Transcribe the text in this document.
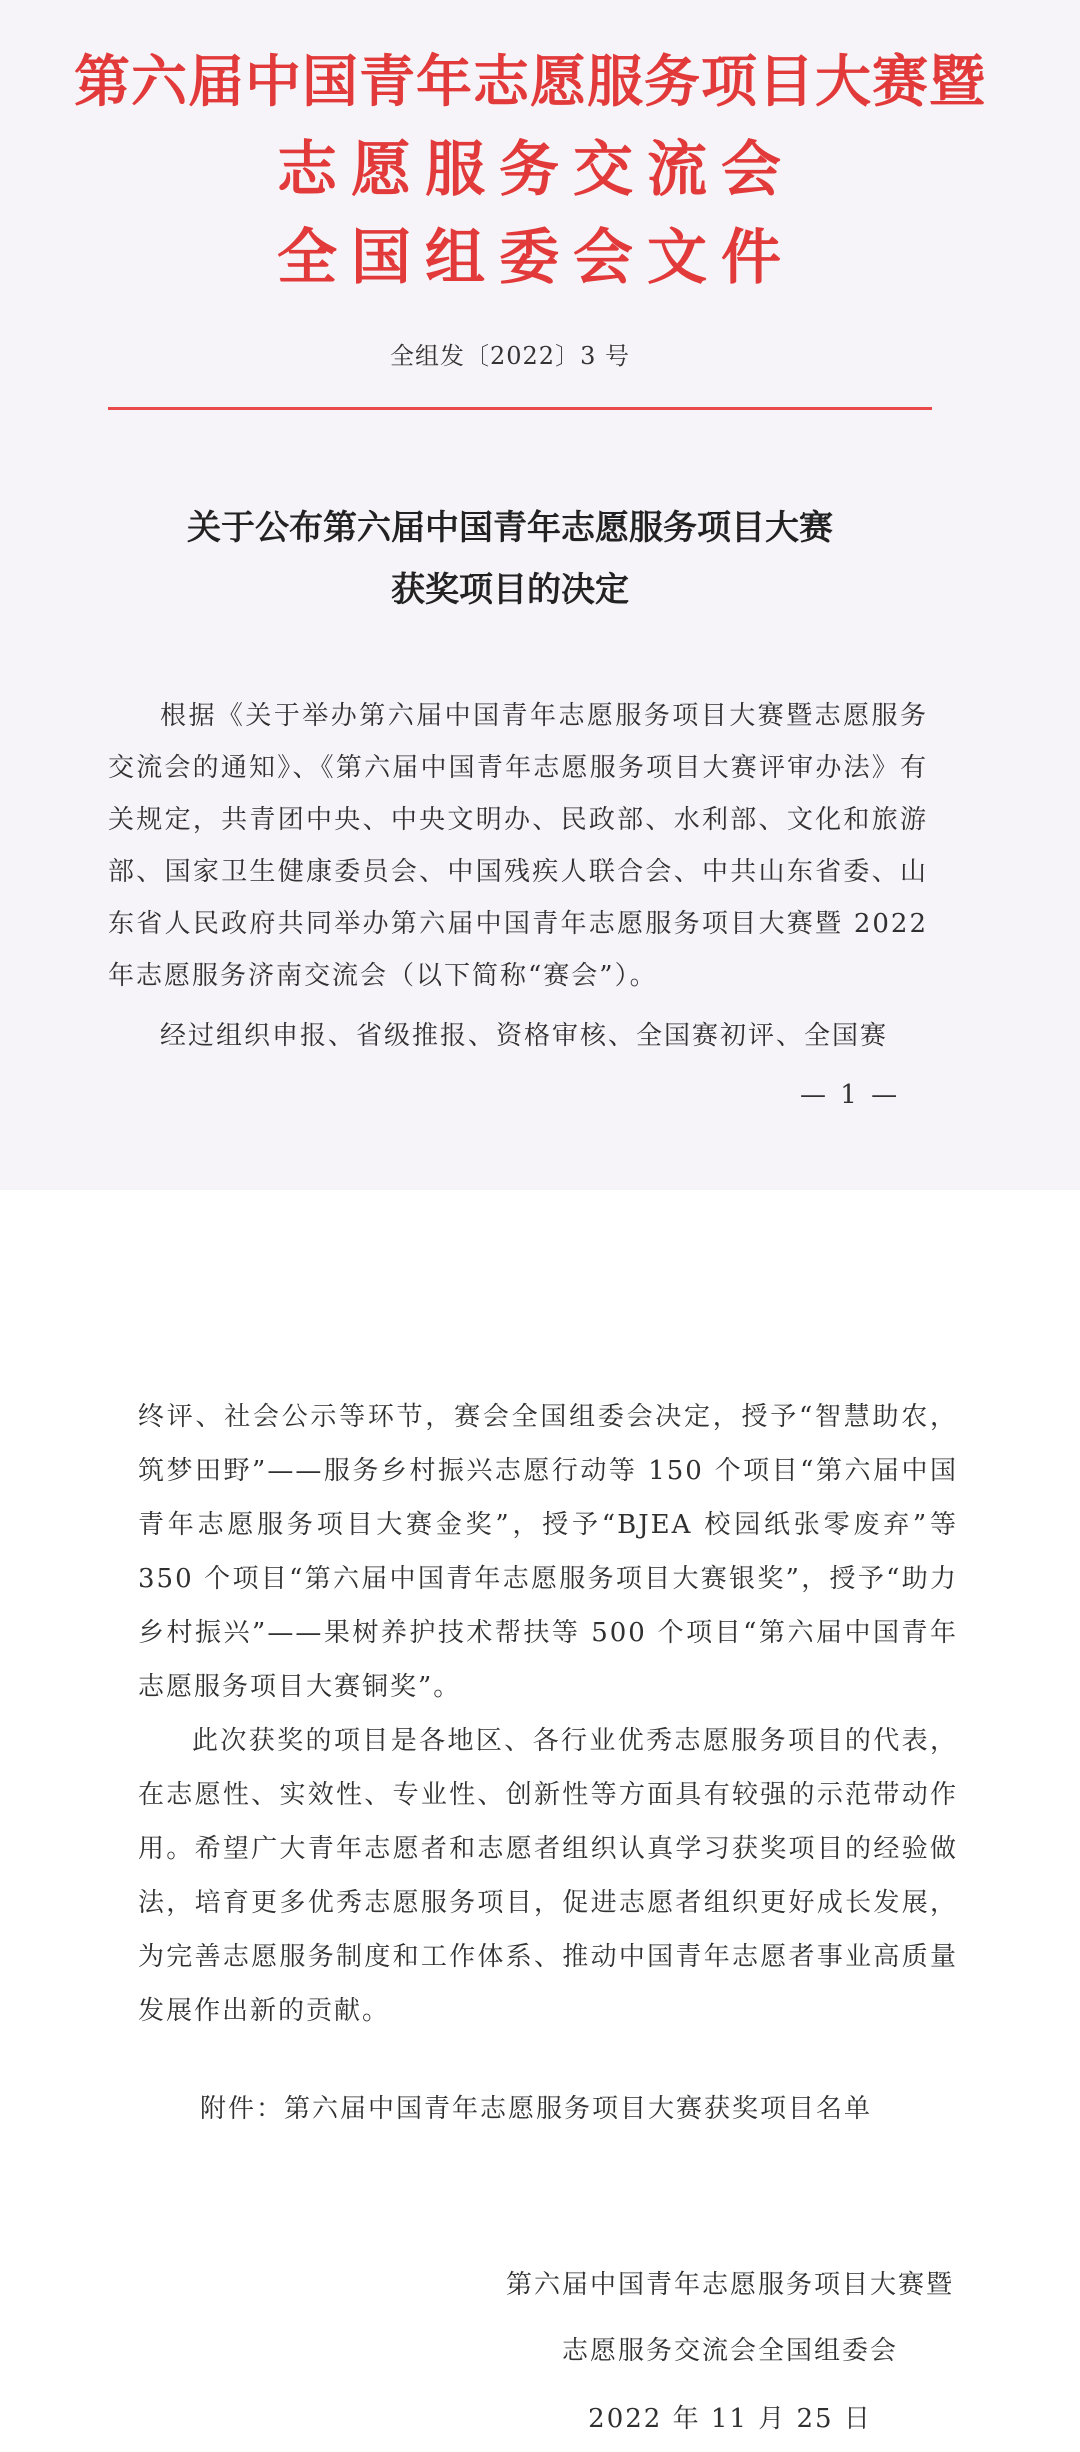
第六届中国青年志愿服务项目大赛暨
志愿服务交流会
全国组委会文件
全组发〔2022〕3 号
关于公布第六届中国青年志愿服务项目大赛
获奖项目的决定
根据《关于举办第六届中国青年志愿服务项目大赛暨志愿服务交流会的通知》、《第六届中国青年志愿服务项目大赛评审办法》有关规定，共青团中央、中央文明办、民政部、水利部、文化和旅游部、国家卫生健康委员会、中国残疾人联合会、中共山东省委、山东省人民政府共同举办第六届中国青年志愿服务项目大赛暨 2022 年志愿服务济南交流会（以下简称“赛会”）。
经过组织申报、省级推报、资格审核、全国赛初评、全国赛
— 1 —
终评、社会公示等环节，赛会全国组委会决定，授予“智慧助农，筑梦田野”——服务乡村振兴志愿行动等 150 个项目“第六届中国青年志愿服务项目大赛金奖”，授予“BJEA 校园纸张零废弃”等 350 个项目“第六届中国青年志愿服务项目大赛银奖”，授予“助力乡村振兴”——果树养护技术帮扶等 500 个项目“第六届中国青年志愿服务项目大赛铜奖”。
此次获奖的项目是各地区、各行业优秀志愿服务项目的代表，在志愿性、实效性、专业性、创新性等方面具有较强的示范带动作用。希望广大青年志愿者和志愿者组织认真学习获奖项目的经验做法，培育更多优秀志愿服务项目，促进志愿者组织更好成长发展，为完善志愿服务制度和工作体系、推动中国青年志愿者事业高质量发展作出新的贡献。
附件：第六届中国青年志愿服务项目大赛获奖项目名单
第六届中国青年志愿服务项目大赛暨
志愿服务交流会全国组委会
2022 年 11 月 25 日
